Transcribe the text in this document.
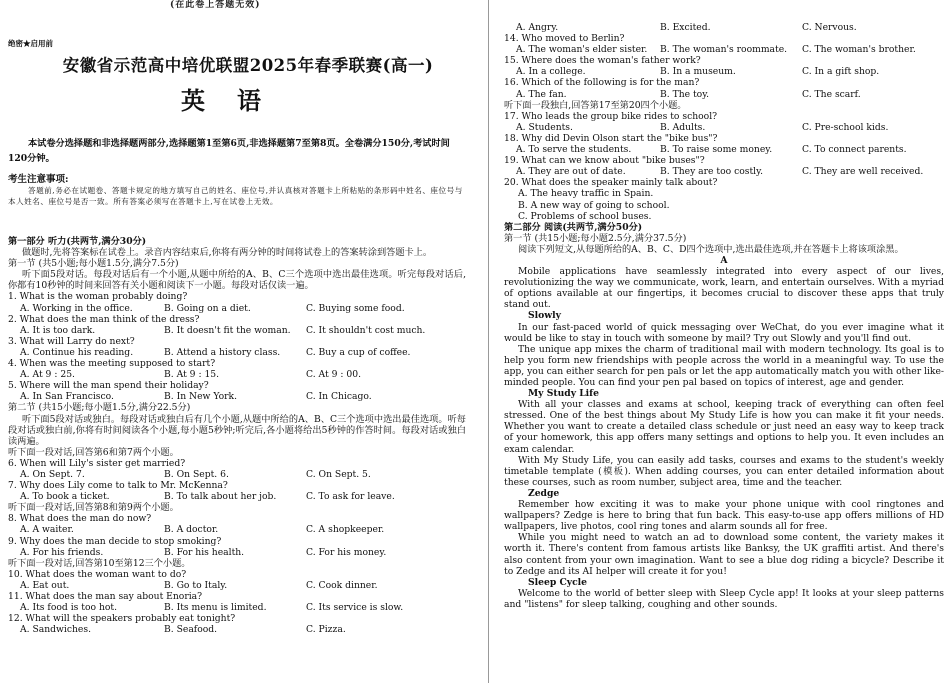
(在此卷上答题无效)
绝密★启用前
安徽省示范高中培优联盟2025年春季联赛(高一)
英语
本试卷分选择题和非选择题两部分,选择题第1至第6页,非选择题第7至第8页。全卷满分150分,考试时间120分钟。
考生注意事项:
答题前,务必在试题卷、答题卡规定的地方填写自己的姓名、座位号,并认真核对答题卡上所粘贴的条形码中姓名、座位号与本人姓名、座位号是否一致。所有答案必须写在答题卡上,写在试卷上无效。
第一部分 听力(共两节,满分30分)
做题时,先将答案标在试卷上。录音内容结束后,你将有两分钟的时间将试卷上的答案转涂到答题卡上。
第一节 (共5小题;每小题1.5分,满分7.5分)
听下面5段对话。每段对话后有一个小题,从题中所给的A、B、C三个选项中选出最佳选项。听完每段对话后,你都有10秒钟的时间来回答有关小题和阅读下一小题。每段对话仅读一遍。
1. What is the woman probably doing?
A. Working in the office.	B. Going on a diet.	C. Buying some food.
2. What does the man think of the dress?
A. It is too dark.	B. It doesn't fit the woman.	C. It shouldn't cost much.
3. What will Larry do next?
A. Continue his reading.	B. Attend a history class.	C. Buy a cup of coffee.
4. When was the meeting supposed to start?
A. At 9 : 25.	B. At 9 : 15.	C. At 9 : 00.
5. Where will the man spend their holiday?
A. In San Francisco.	B. In New York.	C. In Chicago.
第二节 (共15小题;每小题1.5分,满分22.5分)
听下面5段对话或独白。每段对话或独白后有几个小题,从题中所给的A、B、C三个选项中选出最佳选项。听每段对话或独白前,你将有时间阅读各个小题,每小题5秒钟;听完后,各小题将给出5秒钟的作答时间。每段对话或独白读两遍。
听下面一段对话,回答第6和第7两个小题。
6. When will Lily's sister get married?
A. On Sept. 7.	B. On Sept. 6.	C. On Sept. 5.
7. Why does Lily come to talk to Mr. McKenna?
A. To book a ticket.	B. To talk about her job.	C. To ask for leave.
听下面一段对话,回答第8和第9两个小题。
8. What does the man do now?
A. A waiter.	B. A doctor.	C. A shopkeeper.
9. Why does the man decide to stop smoking?
A. For his friends.	B. For his health.	C. For his money.
听下面一段对话,回答第10至第12三个小题。
10. What does the woman want to do?
A. Eat out.	B. Go to Italy.	C. Cook dinner.
11. What does the man say about Enoria?
A. Its food is too hot.	B. Its menu is limited.	C. Its service is slow.
12. What will the speakers probably eat tonight?
A. Sandwiches.	B. Seafood.	C. Pizza.
A. Angry.	B. Excited.	C. Nervous.
14. Who moved to Berlin?
A. The woman's elder sister.	B. The woman's roommate.	C. The woman's brother.
15. Where does the woman's father work?
A. In a college.	B. In a museum.	C. In a gift shop.
16. Which of the following is for the man?
A. The fan.	B. The toy.	C. The scarf.
听下面一段独白,回答第17至第20四个小题。
17. Who leads the group bike rides to school?
A. Students.	B. Adults.	C. Pre-school kids.
18. Why did Devin Olson start the "bike bus"?
A. To serve the students.	B. To raise some money.	C. To connect parents.
19. What can we know about "bike buses"?
A. They are out of date.	B. They are too costly.	C. They are well received.
20. What does the speaker mainly talk about?
A. The heavy traffic in Spain.
B. A new way of going to school.
C. Problems of school buses.
第二部分 阅读(共两节,满分50分)
第一节 (共15小题;每小题2.5分,满分37.5分)
阅读下列短文,从每题所给的A、B、C、D四个选项中,选出最佳选项,并在答题卡上将该项涂黑。
A
Mobile applications have seamlessly integrated into every aspect of our lives, revolutionizing the way we communicate, work, learn, and entertain ourselves. With a myriad of options available at our fingertips, it becomes crucial to discover these apps that truly stand out.
Slowly
In our fast-paced world of quick messaging over WeChat, do you ever imagine what it would be like to stay in touch with someone by mail? Try out Slowly and you'll find out.
The unique app mixes the charm of traditional mail with modern technology. Its goal is to help you form new friendships with people across the world in a meaningful way. To use the app, you can either search for pen pals or let the app automatically match you with other like-minded people. You can find your pen pal based on topics of interest, age and gender.
My Study Life
With all your classes and exams at school, keeping track of everything can often feel stressed. One of the best things about My Study Life is how you can make it fit your needs. Whether you want to create a detailed class schedule or just need an easy way to keep track of your homework, this app offers many settings and options to help you. It even includes an exam calendar.
With My Study Life, you can easily add tasks, courses and exams to the student's weekly timetable template (模板). When adding courses, you can enter detailed information about these courses, such as room number, subject area, time and the teacher.
Zedge
Remember how exciting it was to make your phone unique with cool ringtones and wallpapers? Zedge is here to bring that fun back. This easy-to-use app offers millions of HD wallpapers, live photos, cool ring tones and alarm sounds all for free.
While you might need to watch an ad to download some content, the variety makes it worth it. There's content from famous artists like Banksy, the UK graffiti artist. And there's also content from your own imagination. Want to see a blue dog riding a bicycle? Describe it to Zedge and its AI helper will create it for you!
Sleep Cycle
Welcome to the world of better sleep with Sleep Cycle app! It looks at your sleep patterns and "listens" for sleep talking, coughing and other sounds.
